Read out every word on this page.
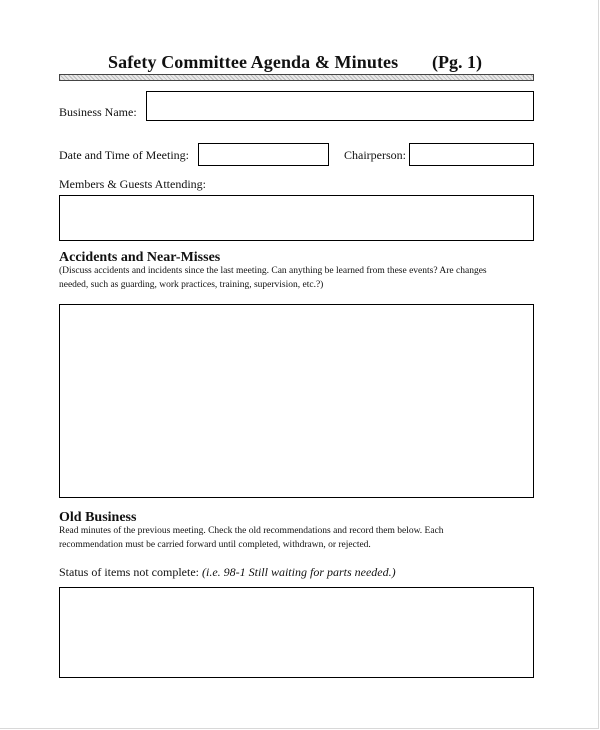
Safety Committee Agenda & Minutes (Pg. 1)
Business Name:
Date and Time of Meeting:	Chairperson:
Members & Guests Attending:
Accidents and Near-Misses
(Discuss accidents and incidents since the last meeting. Can anything be learned from these events? Are changes
needed, such as guarding, work practices, training, supervision, etc.?)
Old Business
Read minutes of the previous meeting. Check the old recommendations and record them below. Each
recommendation must be carried forward until completed, withdrawn, or rejected.
Status of items not complete: (i.e. 98-1 Still waiting for parts needed.)
